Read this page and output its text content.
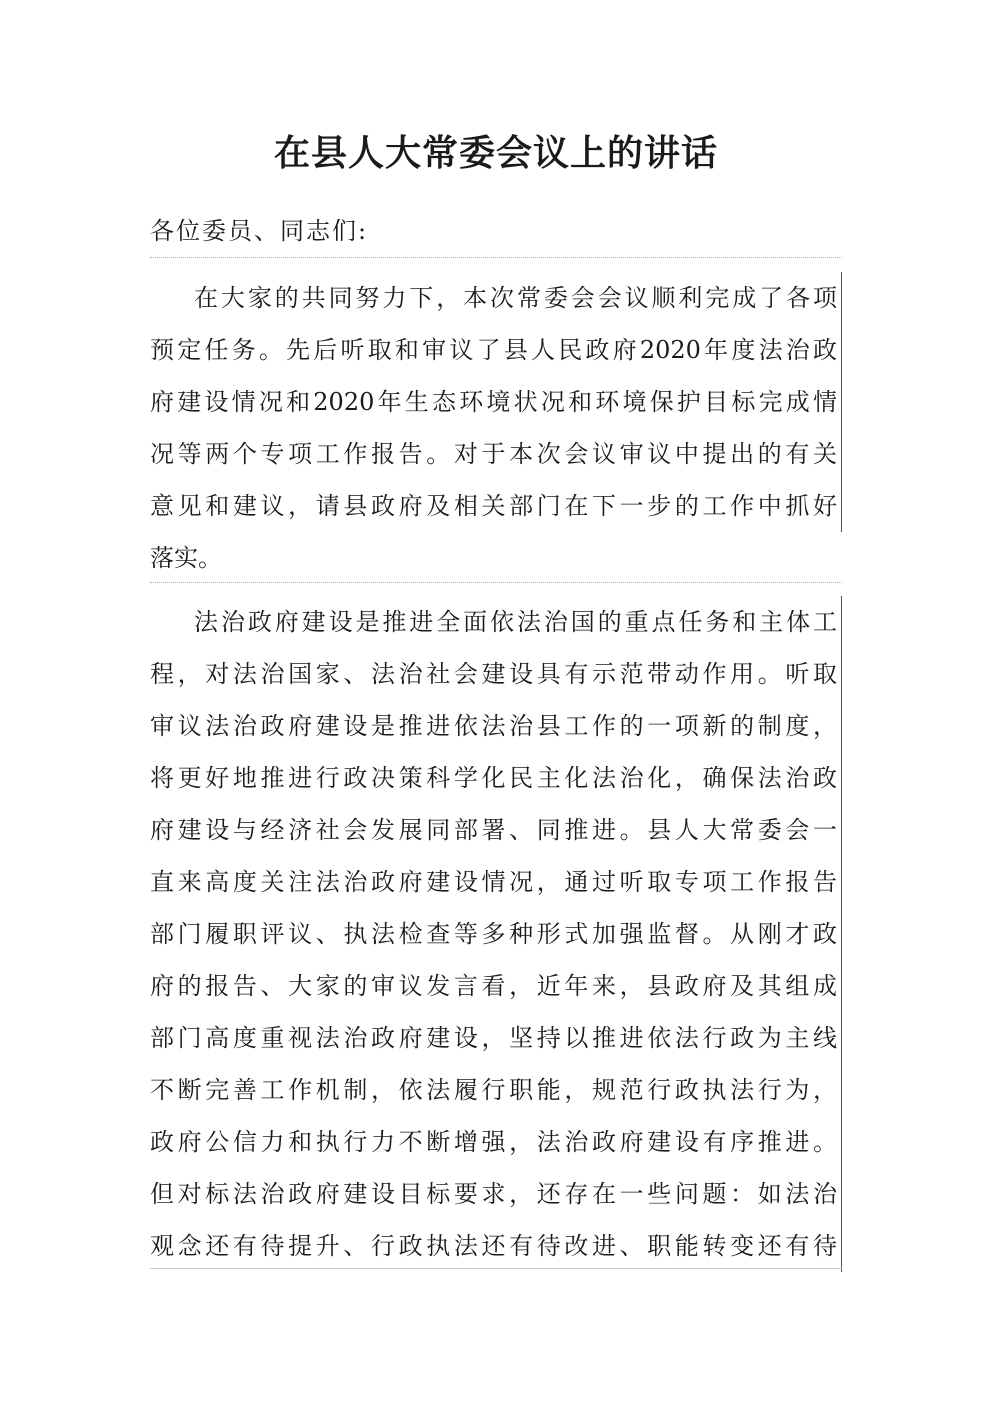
在县人大常委会议上的讲话

各位委员、同志们:

在大家的共同努力下，本次常委会会议顺利完成了各项
预定任务。先后听取和审议了县人民政府2020年度法治政
府建设情况和2020年生态环境状况和环境保护目标完成情
况等两个专项工作报告。对于本次会议审议中提出的有关
意见和建议，请县政府及相关部门在下一步的工作中抓好
落实。
法治政府建设是推进全面依法治国的重点任务和主体工
程，对法治国家、法治社会建设具有示范带动作用。听取
审议法治政府建设是推进依法治县工作的一项新的制度，
将更好地推进行政决策科学化民主化法治化，确保法治政
府建设与经济社会发展同部署、同推进。县人大常委会一
直来高度关注法治政府建设情况，通过听取专项工作报告
部门履职评议、执法检查等多种形式加强监督。从刚才政
府的报告、大家的审议发言看，近年来，县政府及其组成
部门高度重视法治政府建设，坚持以推进依法行政为主线
不断完善工作机制，依法履行职能，规范行政执法行为，
政府公信力和执行力不断增强，法治政府建设有序推进。
但对标法治政府建设目标要求，还存在一些问题：如法治
观念还有待提升、行政执法还有待改进、职能转变还有待
